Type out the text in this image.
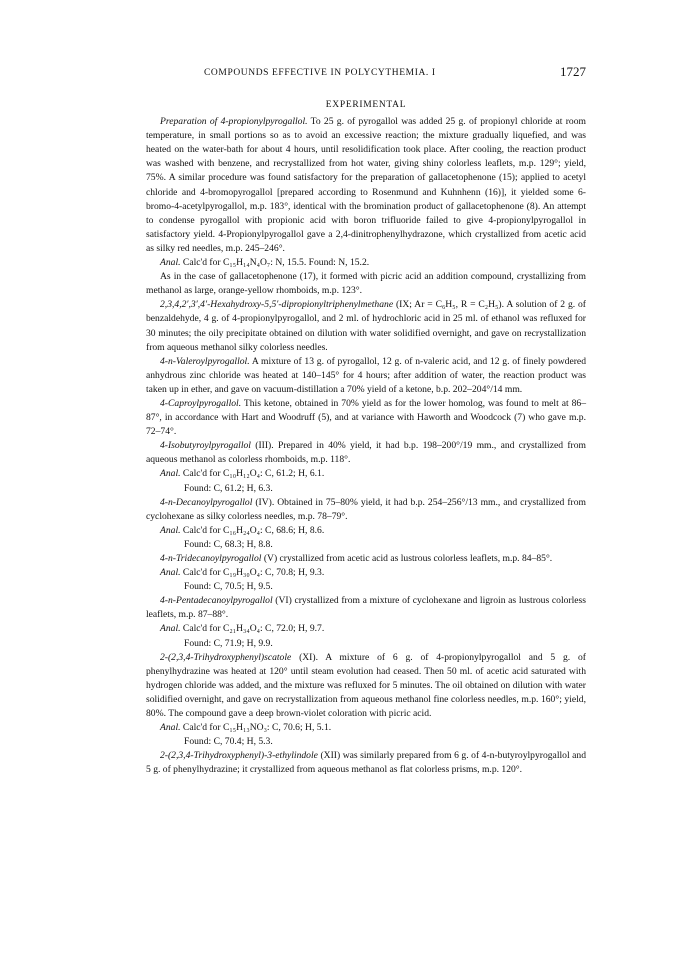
COMPOUNDS EFFECTIVE IN POLYCYTHEMIA. I	1727
EXPERIMENTAL

Preparation of 4-propionylpyrogallol. To 25 g. of pyrogallol was added 25 g. of propionyl chloride at room temperature, in small portions so as to avoid an excessive reaction; the mixture gradually liquefied, and was heated on the water-bath for about 4 hours, until resolidification took place. After cooling, the reaction product was washed with benzene, and recrystallized from hot water, giving shiny colorless leaflets, m.p. 129°; yield, 75%. A similar procedure was found satisfactory for the preparation of gallacetophenone (15); applied to acetyl chloride and 4-bromopyrogallol [prepared according to Rosenmund and Kuhnhenn (16)], it yielded some 6-bromo-4-acetylpyrogallol, m.p. 183°, identical with the bromination product of gallacetophenone (8). An attempt to condense pyrogallol with propionic acid with boron trifluoride failed to give 4-propionylpyrogallol in satisfactory yield. 4-Propionylpyrogallol gave a 2,4-dinitrophenylhydrazone, which crystallized from acetic acid as silky red needles, m.p. 245–246°.

Anal. Calc'd for C₁₅H₁₄N₄O₇: N, 15.5. Found: N, 15.2.

As in the case of gallacetophenone (17), it formed with picric acid an addition compound, crystallizing from methanol as large, orange-yellow rhomboids, m.p. 123°.

2,3,4,2′,3′,4′-Hexahydroxy-5,5′-dipropionyltriphenylmethane (IX; Ar = C₆H₅, R = C₂H₅). A solution of 2 g. of benzaldehyde, 4 g. of 4-propionylpyrogallol, and 2 ml. of hydrochloric acid in 25 ml. of ethanol was refluxed for 30 minutes; the oily precipitate obtained on dilution with water solidified overnight, and gave on recrystallization from aqueous methanol silky colorless needles.

4-n-Valeroylpyrogallol. A mixture of 13 g. of pyrogallol, 12 g. of n-valeric acid, and 12 g. of finely powdered anhydrous zinc chloride was heated at 140–145° for 4 hours; after addition of water, the reaction product was taken up in ether, and gave on vacuum-distillation a 70% yield of a ketone, b.p. 202–204°/14 mm.

4-Caproylpyrogallol. This ketone, obtained in 70% yield as for the lower homolog, was found to melt at 86–87°, in accordance with Hart and Woodruff (5), and at variance with Haworth and Woodcock (7) who gave m.p. 72–74°.

4-Isobutyroylpyrogallol (III). Prepared in 40% yield, it had b.p. 198–200°/19 mm., and crystallized from aqueous methanol as colorless rhomboids, m.p. 118°.

Anal. Calc'd for C₁₀H₁₂O₄: C, 61.2; H, 6.1.

Found: C, 61.2; H, 6.3.

4-n-Decanoylpyrogallol (IV). Obtained in 75–80% yield, it had b.p. 254–256°/13 mm., and crystallized from cyclohexane as silky colorless needles, m.p. 78–79°.

Anal. Calc'd for C₁₆H₂₄O₄: C, 68.6; H, 8.6.

Found: C, 68.3; H, 8.8.

4-n-Tridecanoylpyrogallol (V) crystallized from acetic acid as lustrous colorless leaflets, m.p. 84–85°.

Anal. Calc'd for C₁₉H₃₀O₄: C, 70.8; H, 9.3.

Found: C, 70.5; H, 9.5.

4-n-Pentadecanoylpyrogallol (VI) crystallized from a mixture of cyclohexane and ligroin as lustrous colorless leaflets, m.p. 87–88°.

Anal. Calc'd for C₂₁H₃₄O₄: C, 72.0; H, 9.7.

Found: C, 71.9; H, 9.9.

2-(2,3,4-Trihydroxyphenyl)scatole (XI). A mixture of 6 g. of 4-propionylpyrogallol and 5 g. of phenylhydrazine was heated at 120° until steam evolution had ceased. Then 50 ml. of acetic acid saturated with hydrogen chloride was added, and the mixture was refluxed for 5 minutes. The oil obtained on dilution with water solidified overnight, and gave on recrystallization from aqueous methanol fine colorless needles, m.p. 160°; yield, 80%. The compound gave a deep brown-violet coloration with picric acid.

Anal. Calc'd for C₁₅H₁₃NO₃: C, 70.6; H, 5.1.

Found: C, 70.4; H, 5.3.

2-(2,3,4-Trihydroxyphenyl)-3-ethylindole (XII) was similarly prepared from 6 g. of 4-n-butyroylpyrogallol and 5 g. of phenylhydrazine; it crystallized from aqueous methanol as flat colorless prisms, m.p. 120°.
